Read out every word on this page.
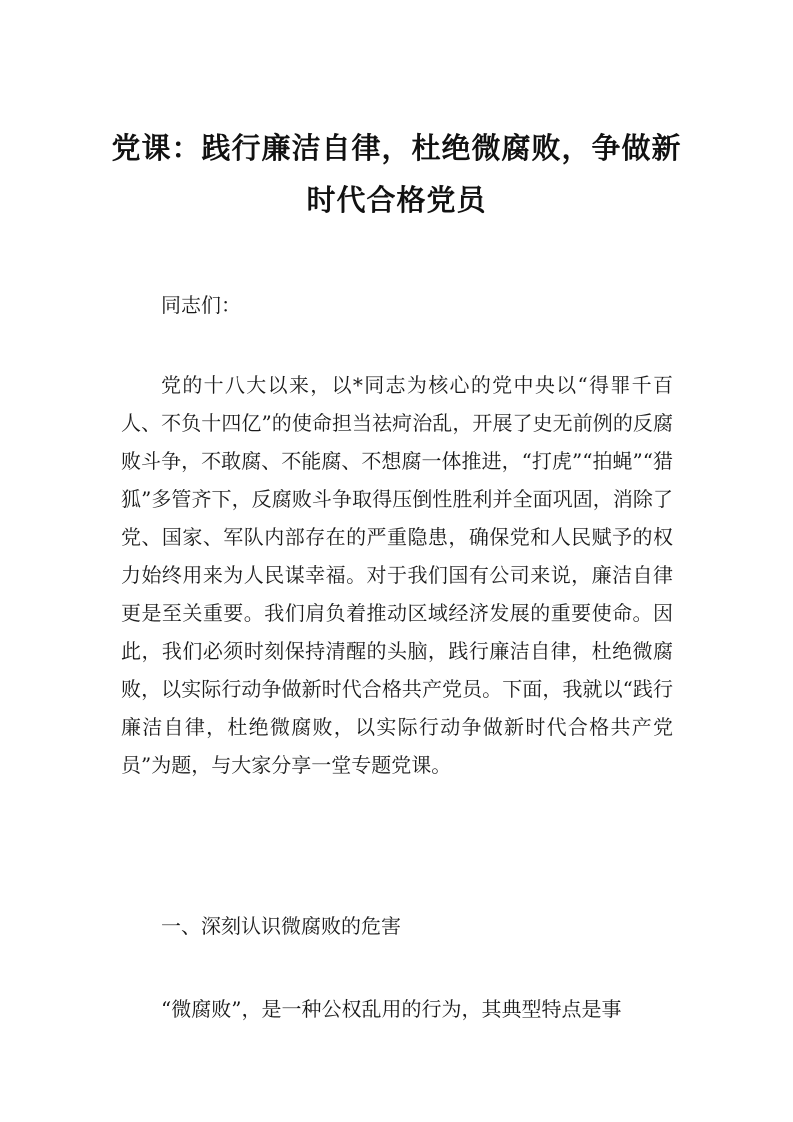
党课：践行廉洁自律，杜绝微腐败，争做新
时代合格党员

同志们：

党的十八大以来，以*同志为核心的党中央以“得罪千百人、不负十四亿”的使命担当祛疴治乱，开展了史无前例的反腐败斗争，不敢腐、不能腐、不想腐一体推进，“打虎”“拍蝇”“猎狐”多管齐下，反腐败斗争取得压倒性胜利并全面巩固，消除了党、国家、军队内部存在的严重隐患，确保党和人民赋予的权力始终用来为人民谋幸福。对于我们国有公司来说，廉洁自律更是至关重要。我们肩负着推动区域经济发展的重要使命。因此，我们必须时刻保持清醒的头脑，践行廉洁自律，杜绝微腐败，以实际行动争做新时代合格共产党员。下面，我就以“践行廉洁自律，杜绝微腐败，以实际行动争做新时代合格共产党员”为题，与大家分享一堂专题党课。

一、深刻认识微腐败的危害

“微腐败”，是一种公权乱用的行为，其典型特点是事
